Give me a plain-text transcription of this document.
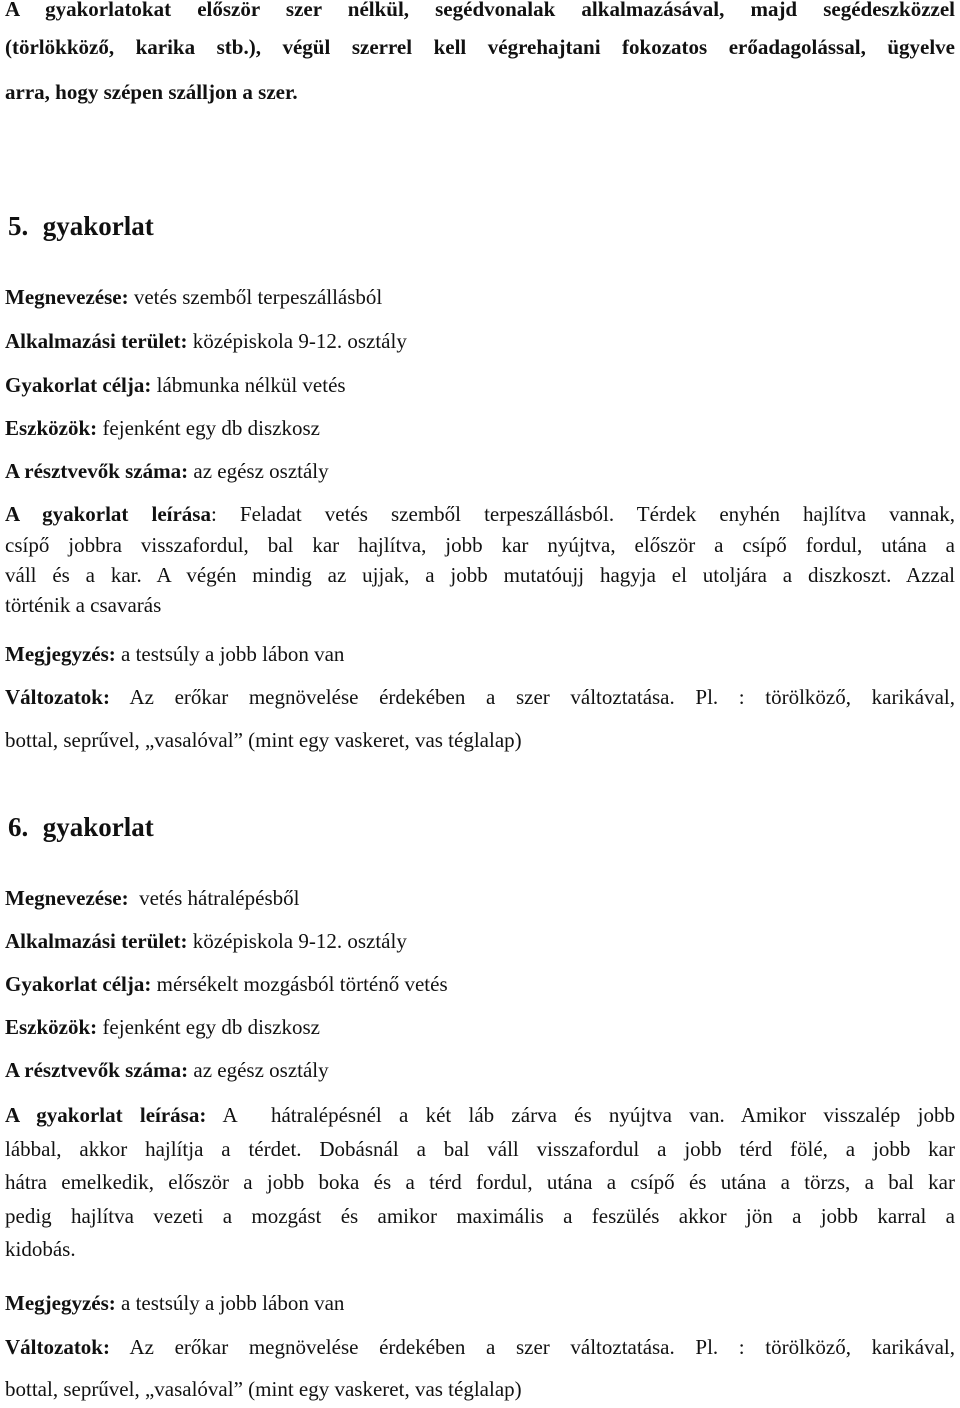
A gyakorlatokat először szer nélkül, segédvonalak alkalmazásával, majd segédeszközzel
(törlökköző, karika stb.), végül szerrel kell végrehajtani fokozatos erőadagolással, ügyelve
arra, hogy szépen szálljon a szer.
5. gyakorlat
Megnevezése: vetés szemből terpeszállásból
Alkalmazási terület: középiskola 9-12. osztály
Gyakorlat célja: lábmunka nélkül vetés
Eszközök: fejenként egy db diszkosz
A résztvevők száma: az egész osztály
A gyakorlat leírása: Feladat vetés szemből terpeszállásból. Térdek enyhén hajlítva vannak,
csípő jobbra visszafordul, bal kar hajlítva, jobb kar nyújtva, először a csípő fordul, utána a
váll és a kar. A végén mindig az ujjak, a jobb mutatóujj hagyja el utoljára a diszkoszt. Azzal
történik a csavarás
Megjegyzés: a testsúly a jobb lábon van
Változatok: Az erőkar megnövelése érdekében a szer változtatása. Pl. : törölköző, karikával,
bottal, seprűvel, „vasalóval” (mint egy vaskeret, vas téglalap)
6. gyakorlat
Megnevezése:  vetés hátralépésből
Alkalmazási terület: középiskola 9-12. osztály
Gyakorlat célja: mérsékelt mozgásból történő vetés
Eszközök: fejenként egy db diszkosz
A résztvevők száma: az egész osztály
A gyakorlat leírása: A  hátralépésnél a két láb zárva és nyújtva van. Amikor visszalép jobb
lábbal, akkor hajlítja a térdet. Dobásnál a bal váll visszafordul a jobb térd fölé, a jobb kar
hátra emelkedik, először a jobb boka és a térd fordul, utána a csípő és utána a törzs, a bal kar
pedig hajlítva vezeti a mozgást és amikor maximális a feszülés akkor jön a jobb karral a
kidobás.
Megjegyzés: a testsúly a jobb lábon van
Változatok: Az erőkar megnövelése érdekében a szer változtatása. Pl. : törölköző, karikával,
bottal, seprűvel, „vasalóval” (mint egy vaskeret, vas téglalap)
